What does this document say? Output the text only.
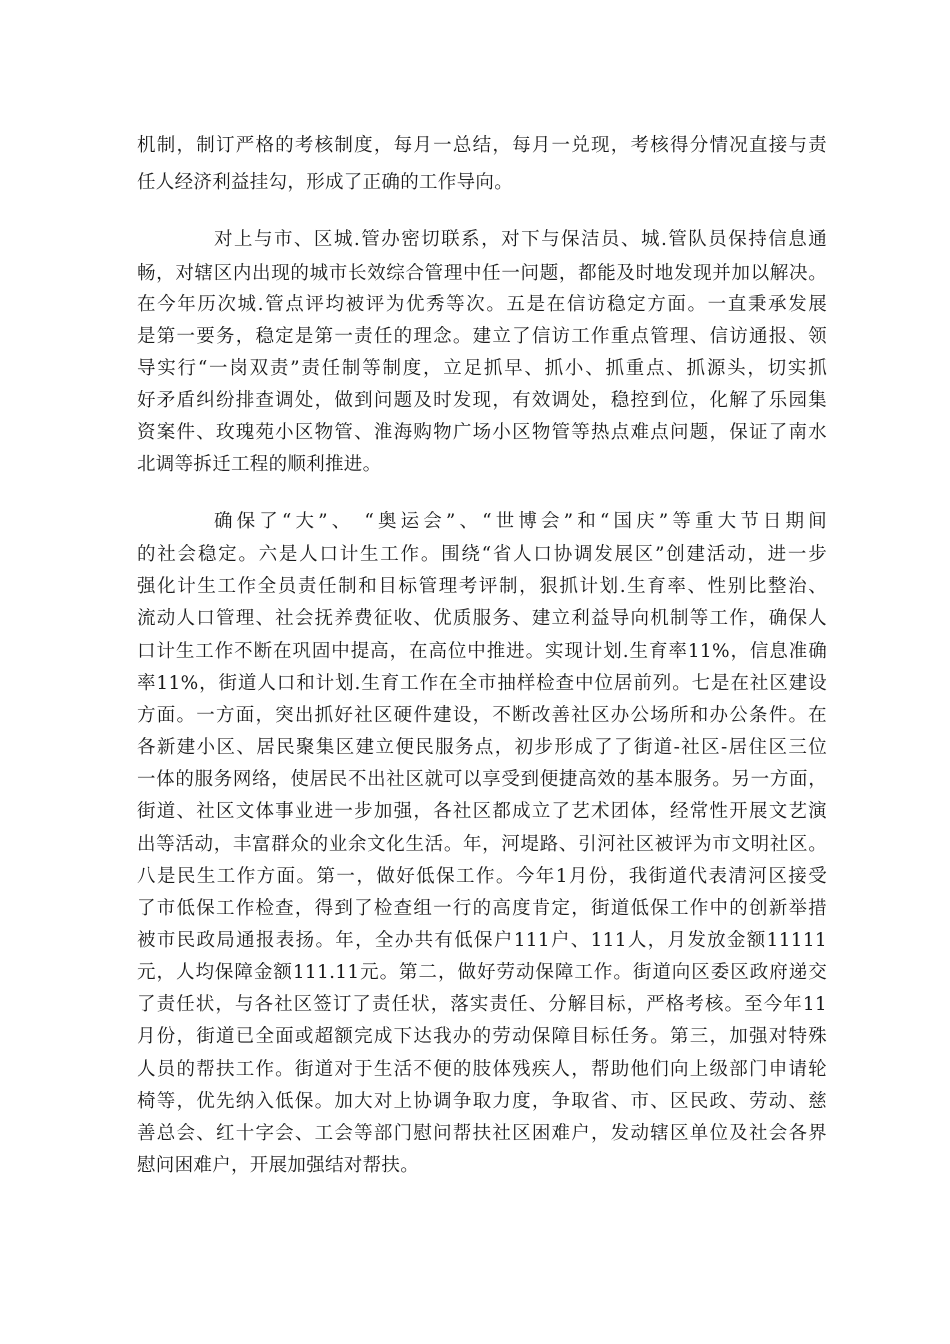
机制，制订严格的考核制度，每月一总结，每月一兑现，考核得分情况直接与责
任人经济利益挂勾，形成了正确的工作导向。
对上与市、区城.管办密切联系，对下与保洁员、城.管队员保持信息通
畅，对辖区内出现的城市长效综合管理中任一问题，都能及时地发现并加以解决。
在今年历次城.管点评均被评为优秀等次。五是在信访稳定方面。一直秉承发展
是第一要务，稳定是第一责任的理念。建立了信访工作重点管理、信访通报、领
导实行“一岗双责”责任制等制度，立足抓早、抓小、抓重点、抓源头，切实抓
好矛盾纠纷排查调处，做到问题及时发现，有效调处，稳控到位，化解了乐园集
资案件、玫瑰苑小区物管、淮海购物广场小区物管等热点难点问题，保证了南水
北调等拆迁工程的顺利推进。
确保了“大”、 “奥运会”、“世博会”和“国庆”等重大节日期间
的社会稳定。六是人口计生工作。围绕“省人口协调发展区”创建活动，进一步
强化计生工作全员责任制和目标管理考评制，狠抓计划.生育率、性别比整治、
流动人口管理、社会抚养费征收、优质服务、建立利益导向机制等工作，确保人
口计生工作不断在巩固中提高，在高位中推进。实现计划.生育率11%，信息准确
率11%，街道人口和计划.生育工作在全市抽样检查中位居前列。七是在社区建设
方面。一方面，突出抓好社区硬件建设，不断改善社区办公场所和办公条件。在
各新建小区、居民聚集区建立便民服务点，初步形成了了街道-社区-居住区三位
一体的服务网络，使居民不出社区就可以享受到便捷高效的基本服务。另一方面，
街道、社区文体事业进一步加强，各社区都成立了艺术团体，经常性开展文艺演
出等活动，丰富群众的业余文化生活。年，河堤路、引河社区被评为市文明社区。
八是民生工作方面。第一，做好低保工作。今年1月份，我街道代表清河区接受
了市低保工作检查，得到了检查组一行的高度肯定，街道低保工作中的创新举措
被市民政局通报表扬。年，全办共有低保户111户、111人，月发放金额11111
元，人均保障金额111.11元。第二，做好劳动保障工作。街道向区委区政府递交
了责任状，与各社区签订了责任状，落实责任、分解目标，严格考核。至今年11
月份，街道已全面或超额完成下达我办的劳动保障目标任务。第三，加强对特殊
人员的帮扶工作。街道对于生活不便的肢体残疾人，帮助他们向上级部门申请轮
椅等，优先纳入低保。加大对上协调争取力度，争取省、市、区民政、劳动、慈
善总会、红十字会、工会等部门慰问帮扶社区困难户，发动辖区单位及社会各界
慰问困难户，开展加强结对帮扶。
